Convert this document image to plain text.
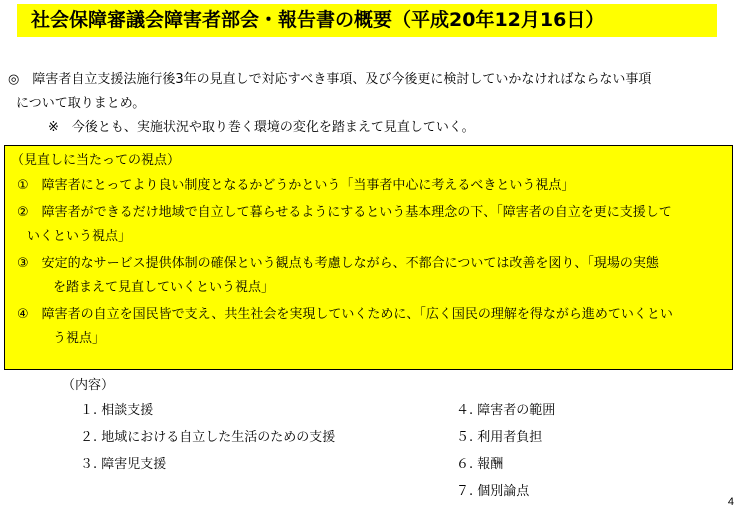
社会保障審議会障害者部会・報告書の概要（平成20年12月16日）
◎　障害者自立支援法施行後3年の見直しで対応すべき事項、及び今後更に検討していかなければならない事項
について取りまとめ。
※　今後とも、実施状況や取り巻く環境の変化を踏まえて見直していく。
（見直しに当たっての視点）
①　障害者にとってより良い制度となるかどうかという「当事者中心に考えるべきという視点」
②　障害者ができるだけ地域で自立して暮らせるようにするという基本理念の下、「障害者の自立を更に支援して
いくという視点」
③　安定的なサービス提供体制の確保という観点も考慮しながら、不都合については改善を図り、「現場の実態
を踏まえて見直していくという視点」
④　障害者の自立を国民皆で支え、共生社会を実現していくために、「広く国民の理解を得ながら進めていくとい
う視点」
（内容）
１. 相談支援
２. 地域における自立した生活のための支援
３. 障害児支援
４. 障害者の範囲
５. 利用者負担
６. 報酬
７. 個別論点
4
